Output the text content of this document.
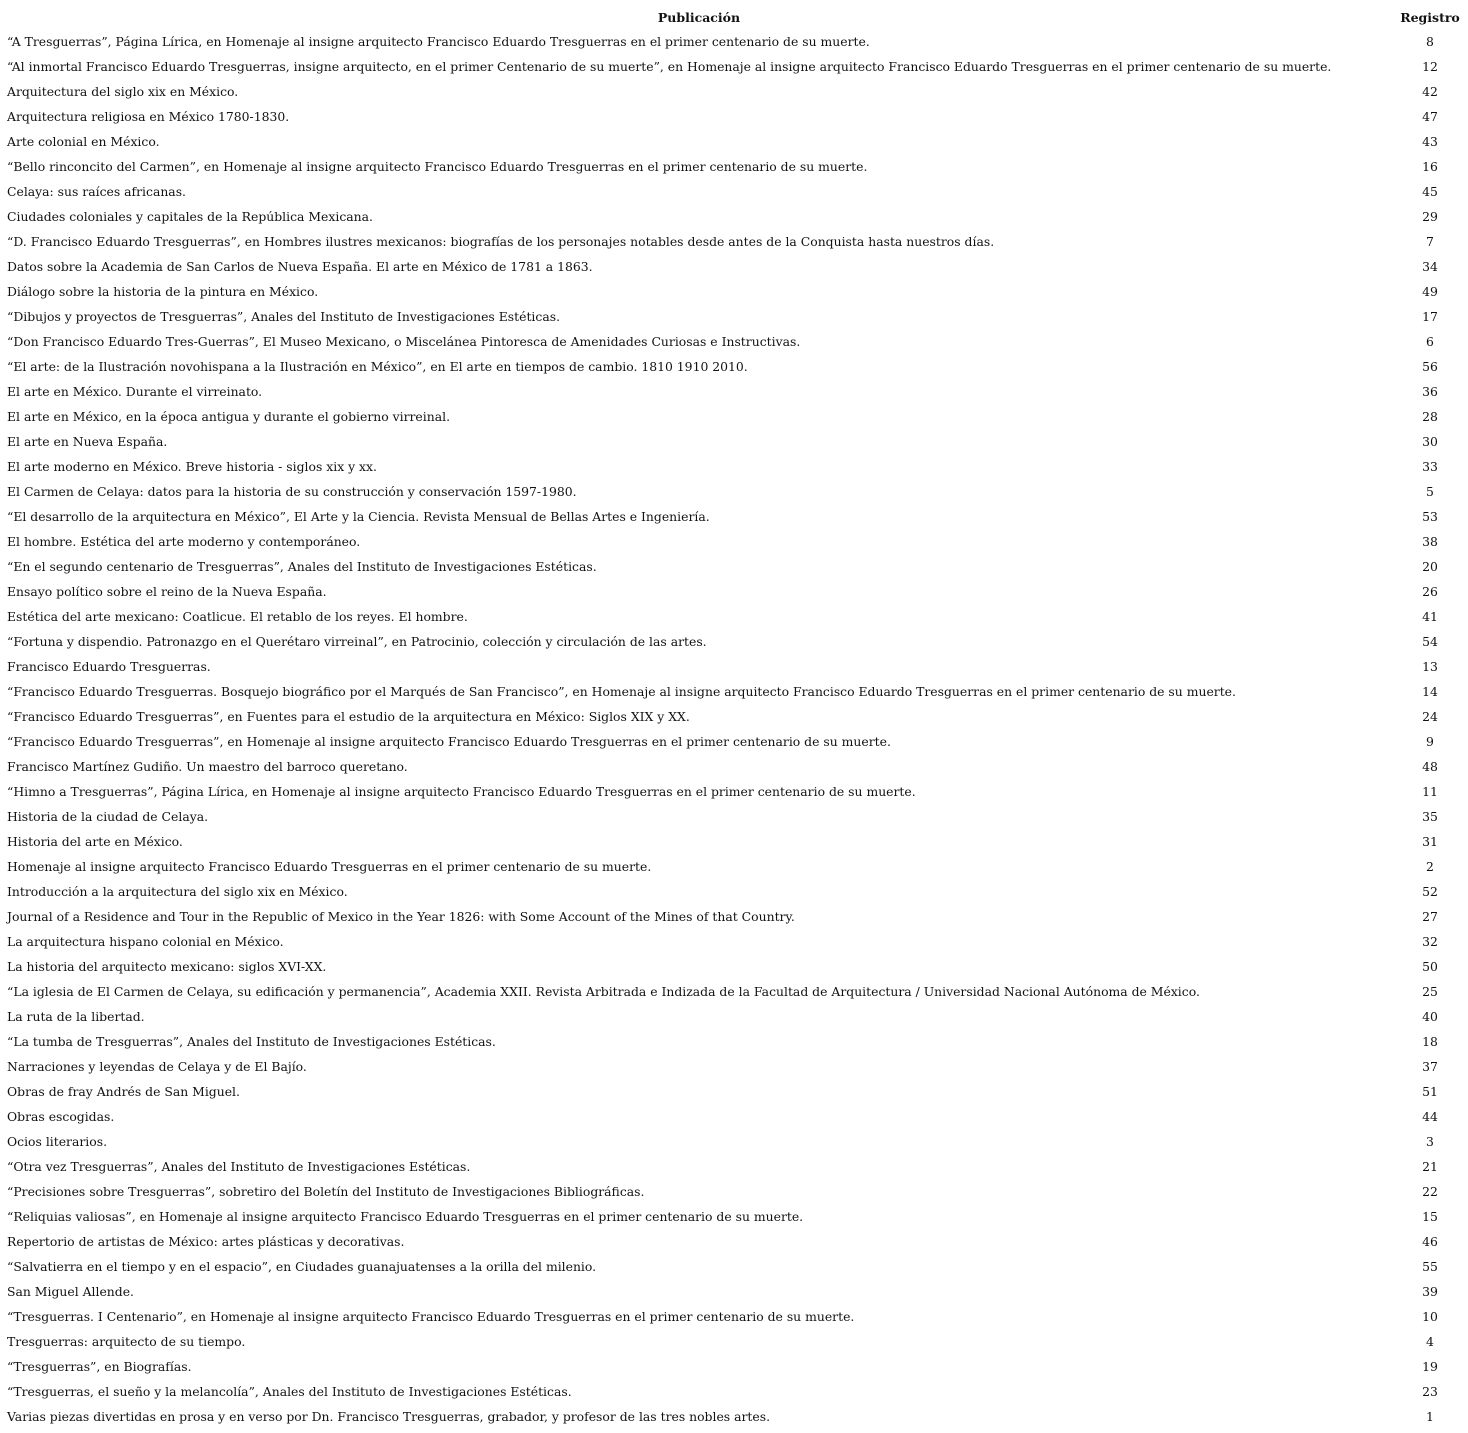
Publicación	Registro
“A Tresguerras”, Página Lírica, en Homenaje al insigne arquitecto Francisco Eduardo Tresguerras en el primer centenario de su muerte.	8
“Al inmortal Francisco Eduardo Tresguerras, insigne arquitecto, en el primer Centenario de su muerte”, en Homenaje al insigne arquitecto Francisco Eduardo Tresguerras en el primer centenario de su muerte.	12
Arquitectura del siglo xix en México.	42
Arquitectura religiosa en México 1780-1830.	47
Arte colonial en México.	43
“Bello rinconcito del Carmen”, en Homenaje al insigne arquitecto Francisco Eduardo Tresguerras en el primer centenario de su muerte.	16
Celaya: sus raíces africanas.	45
Ciudades coloniales y capitales de la República Mexicana.	29
“D. Francisco Eduardo Tresguerras”, en Hombres ilustres mexicanos: biografías de los personajes notables desde antes de la Conquista hasta nuestros días.	7
Datos sobre la Academia de San Carlos de Nueva España. El arte en México de 1781 a 1863.	34
Diálogo sobre la historia de la pintura en México.	49
“Dibujos y proyectos de Tresguerras”, Anales del Instituto de Investigaciones Estéticas.	17
“Don Francisco Eduardo Tres-Guerras”, El Museo Mexicano, o Miscelánea Pintoresca de Amenidades Curiosas e Instructivas.	6
“El arte: de la Ilustración novohispana a la Ilustración en México”, en El arte en tiempos de cambio. 1810 1910 2010.	56
El arte en México. Durante el virreinato.	36
El arte en México, en la época antigua y durante el gobierno virreinal.	28
El arte en Nueva España.	30
El arte moderno en México. Breve historia - siglos xix y xx.	33
El Carmen de Celaya: datos para la historia de su construcción y conservación 1597-1980.	5
“El desarrollo de la arquitectura en México”, El Arte y la Ciencia. Revista Mensual de Bellas Artes e Ingeniería.	53
El hombre. Estética del arte moderno y contemporáneo.	38
“En el segundo centenario de Tresguerras”, Anales del Instituto de Investigaciones Estéticas.	20
Ensayo político sobre el reino de la Nueva España.	26
Estética del arte mexicano: Coatlicue. El retablo de los reyes. El hombre.	41
“Fortuna y dispendio. Patronazgo en el Querétaro virreinal”, en Patrocinio, colección y circulación de las artes.	54
Francisco Eduardo Tresguerras.	13
“Francisco Eduardo Tresguerras. Bosquejo biográfico por el Marqués de San Francisco”, en Homenaje al insigne arquitecto Francisco Eduardo Tresguerras en el primer centenario de su muerte.	14
“Francisco Eduardo Tresguerras”, en Fuentes para el estudio de la arquitectura en México: Siglos XIX y XX.	24
“Francisco Eduardo Tresguerras”, en Homenaje al insigne arquitecto Francisco Eduardo Tresguerras en el primer centenario de su muerte.	9
Francisco Martínez Gudiño. Un maestro del barroco queretano.	48
“Himno a Tresguerras”, Página Lírica, en Homenaje al insigne arquitecto Francisco Eduardo Tresguerras en el primer centenario de su muerte.	11
Historia de la ciudad de Celaya.	35
Historia del arte en México.	31
Homenaje al insigne arquitecto Francisco Eduardo Tresguerras en el primer centenario de su muerte.	2
Introducción a la arquitectura del siglo xix en México.	52
Journal of a Residence and Tour in the Republic of Mexico in the Year 1826: with Some Account of the Mines of that Country.	27
La arquitectura hispano colonial en México.	32
La historia del arquitecto mexicano: siglos XVI-XX.	50
“La iglesia de El Carmen de Celaya, su edificación y permanencia”, Academia XXII. Revista Arbitrada e Indizada de la Facultad de Arquitectura / Universidad Nacional Autónoma de México.	25
La ruta de la libertad.	40
“La tumba de Tresguerras”, Anales del Instituto de Investigaciones Estéticas.	18
Narraciones y leyendas de Celaya y de El Bajío.	37
Obras de fray Andrés de San Miguel.	51
Obras escogidas.	44
Ocios literarios.	3
“Otra vez Tresguerras”, Anales del Instituto de Investigaciones Estéticas.	21
“Precisiones sobre Tresguerras”, sobretiro del Boletín del Instituto de Investigaciones Bibliográficas.	22
“Reliquias valiosas”, en Homenaje al insigne arquitecto Francisco Eduardo Tresguerras en el primer centenario de su muerte.	15
Repertorio de artistas de México: artes plásticas y decorativas.	46
“Salvatierra en el tiempo y en el espacio”, en Ciudades guanajuatenses a la orilla del milenio.	55
San Miguel Allende.	39
“Tresguerras. I Centenario”, en Homenaje al insigne arquitecto Francisco Eduardo Tresguerras en el primer centenario de su muerte.	10
Tresguerras: arquitecto de su tiempo.	4
“Tresguerras”, en Biografías.	19
“Tresguerras, el sueño y la melancolía”, Anales del Instituto de Investigaciones Estéticas.	23
Varias piezas divertidas en prosa y en verso por Dn. Francisco Tresguerras, grabador, y profesor de las tres nobles artes.	1
